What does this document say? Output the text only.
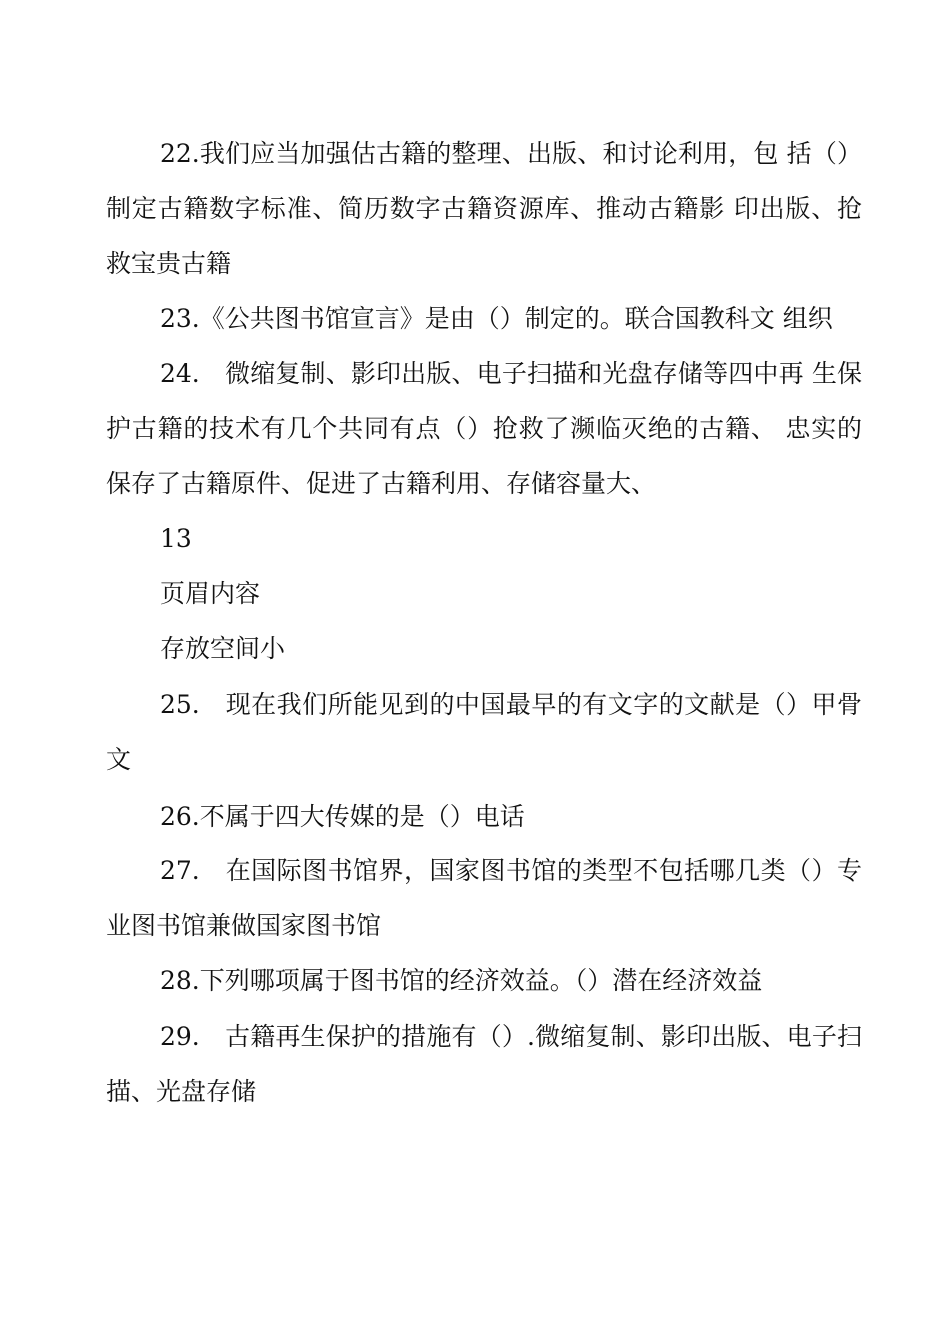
22.我们应当加强估古籍的整理、出版、和讨论利用，包 括（）制定古籍数字标准、简历数字古籍资源库、推动古籍影 印出版、抢救宝贵古籍

23.《公共图书馆宣言》是由（）制定的。联合国教科文 组织

24.　微缩复制、影印出版、电子扫描和光盘存储等四中再 生保护古籍的技术有几个共同有点（）抢救了濒临灭绝的古籍、 忠实的保存了古籍原件、促进了古籍利用、存储容量大、

13

页眉内容

存放空间小

25.　现在我们所能见到的中国最早的有文字的文献是（）甲骨文

26.不属于四大传媒的是（）电话

27.　在国际图书馆界，国家图书馆的类型不包括哪几类（）专业图书馆兼做国家图书馆

28.下列哪项属于图书馆的经济效益。（）潜在经济效益

29.　古籍再生保护的措施有（）.微缩复制、影印出版、电子扫描、光盘存储
